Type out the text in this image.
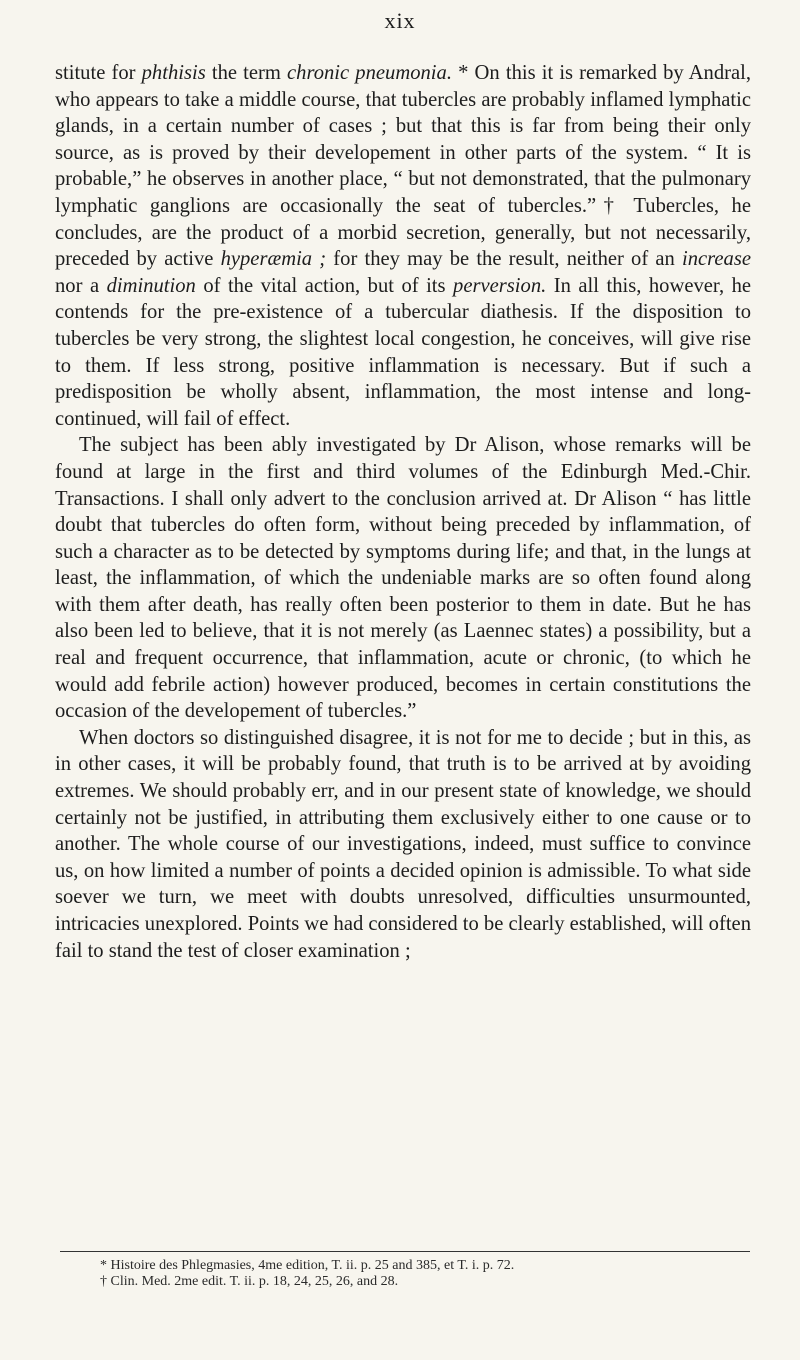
xix

stitute for phthisis the term chronic pneumonia. * On this it is remarked by Andral, who appears to take a middle course, that tubercles are probably inflamed lymphatic glands, in a certain number of cases ; but that this is far from being their only source, as is proved by their developement in other parts of the system. “ It is probable,” he observes in another place, “ but not demonstrated, that the pulmonary lymphatic ganglions are occasionally the seat of tubercles.”† Tubercles, he concludes, are the product of a morbid secretion, generally, but not necessarily, preceded by active hyperæmia ; for they may be the result, neither of an increase nor a diminution of the vital action, but of its perversion. In all this, however, he contends for the pre-existence of a tubercular diathesis. If the disposition to tubercles be very strong, the slightest local congestion, he conceives, will give rise to them. If less strong, positive inflammation is necessary. But if such a predisposition be wholly absent, inflammation, the most intense and long-continued, will fail of effect.

The subject has been ably investigated by Dr Alison, whose remarks will be found at large in the first and third volumes of the Edinburgh Med.-Chir. Transactions. I shall only advert to the conclusion arrived at. Dr Alison “ has little doubt that tubercles do often form, without being preceded by inflammation, of such a character as to be detected by symptoms during life; and that, in the lungs at least, the inflammation, of which the undeniable marks are so often found along with them after death, has really often been posterior to them in date. But he has also been led to believe, that it is not merely (as Laennec states) a possibility, but a real and frequent occurrence, that inflammation, acute or chronic, (to which he would add febrile action) however produced, becomes in certain constitutions the occasion of the developement of tubercles.”

When doctors so distinguished disagree, it is not for me to decide ; but in this, as in other cases, it will be probably found, that truth is to be arrived at by avoiding extremes. We should probably err, and in our present state of knowledge, we should certainly not be justified, in attributing them exclusively either to one cause or to another. The whole course of our investigations, indeed, must suffice to convince us, on how limited a number of points a decided opinion is admissible. To what side soever we turn, we meet with doubts unresolved, difficulties unsurmounted, intricacies unexplored. Points we had considered to be clearly established, will often fail to stand the test of closer examination ;

* Histoire des Phlegmasies, 4me edition, T. ii. p. 25 and 385, et T. i. p. 72.

† Clin. Med. 2me edit. T. ii. p. 18, 24, 25, 26, and 28.
